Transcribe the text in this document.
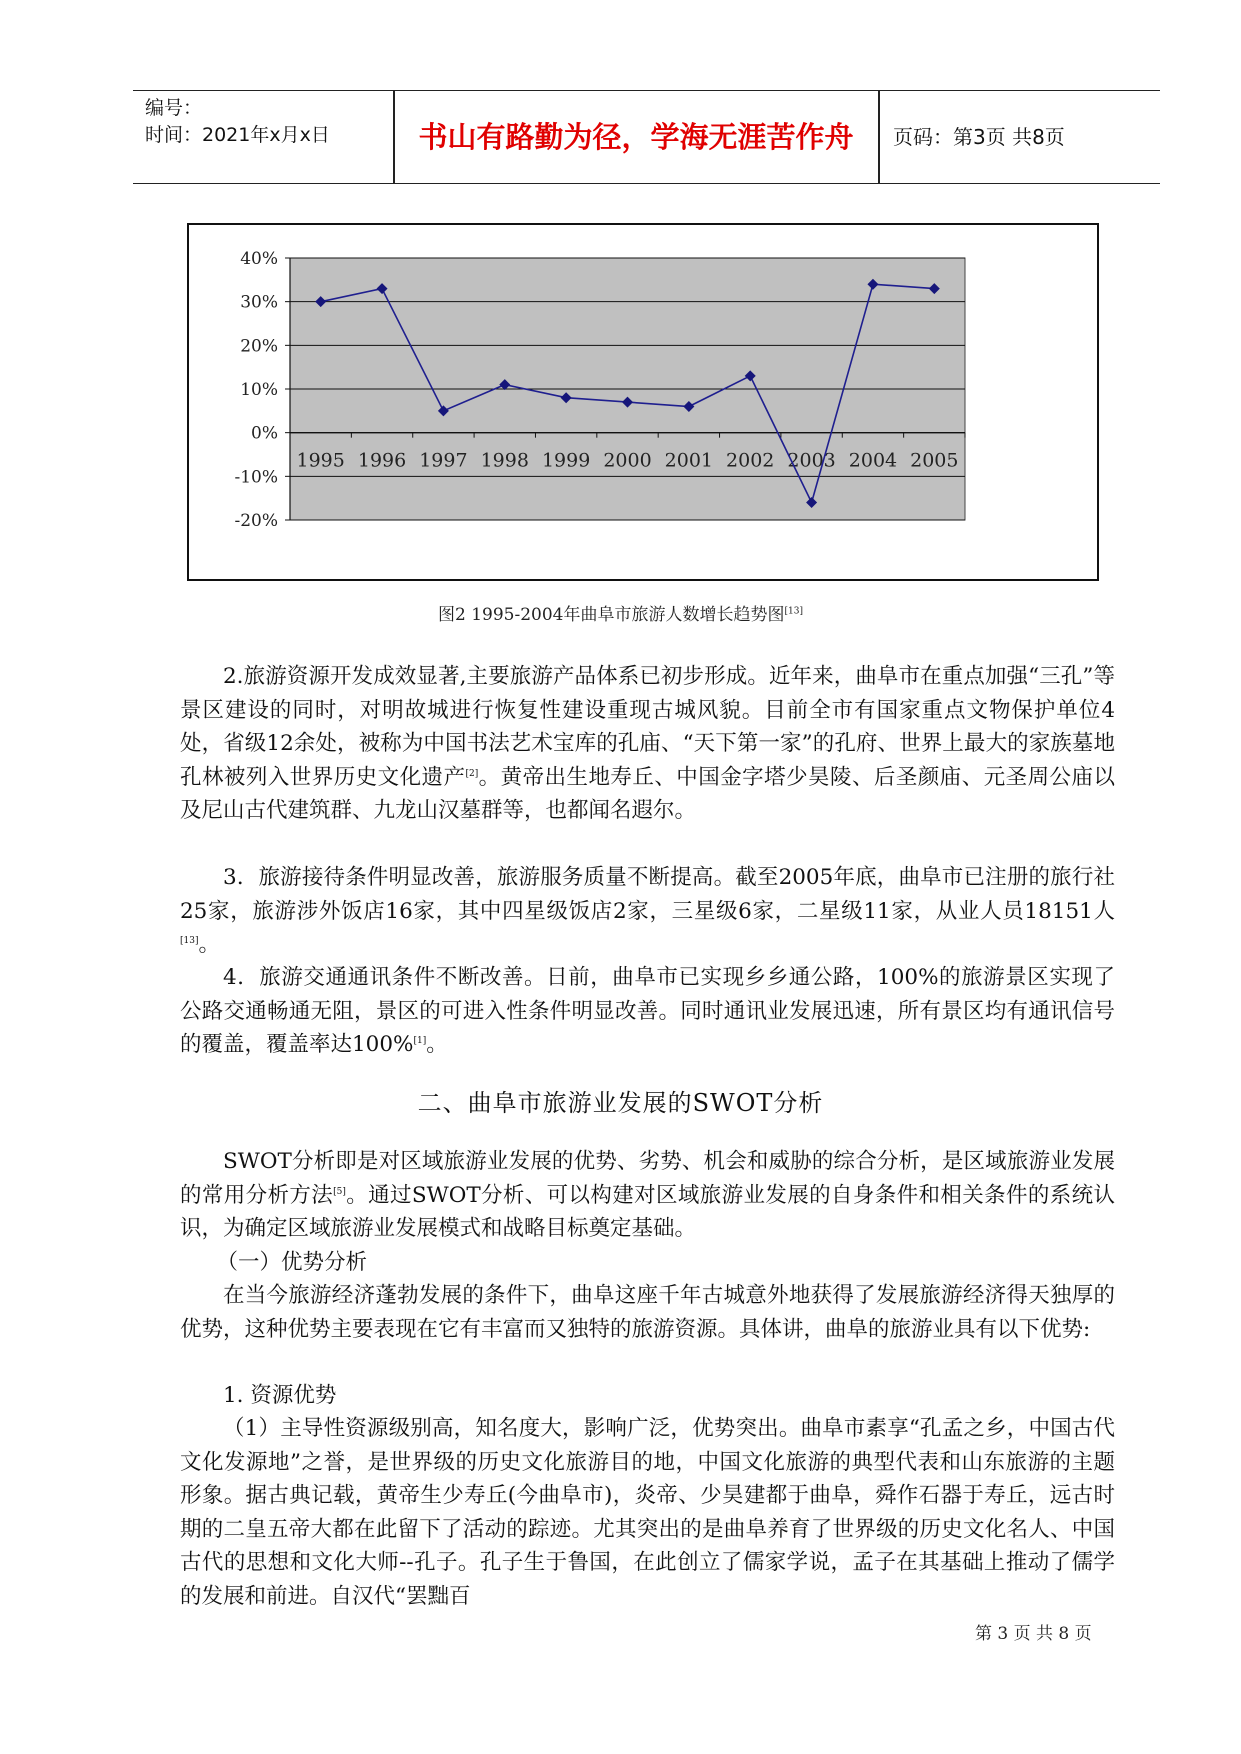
编号：
时间：2021年x月x日	书山有路勤为径，学海无涯苦作舟	页码：第3页 共8页
40%
30%
20%
10%
0%
-10%
-20%
1995 1996 1997 1998 1999 2000 2001 2002 2003 2004 2005
图2 1995-2004年曲阜市旅游人数增长趋势图[13]
2.旅游资源开发成效显著,主要旅游产品体系已初步形成。近年来，曲阜市在重点加强“三孔”等景区建设的同时，对明故城进行恢复性建设重现古城风貌。目前全市有国家重点文物保护单位4处，省级12余处，被称为中国书法艺术宝库的孔庙、“天下第一家”的孔府、世界上最大的家族墓地孔林被列入世界历史文化遗产[2]。黄帝出生地寿丘、中国金字塔少昊陵、后圣颜庙、元圣周公庙以及尼山古代建筑群、九龙山汉墓群等，也都闻名遐尔。
3．旅游接待条件明显改善，旅游服务质量不断提高。截至2005年底，曲阜市已注册的旅行社25家，旅游涉外饭店16家，其中四星级饭店2家，三星级6家，二星级11家，从业人员18151人[13]。
4．旅游交通通讯条件不断改善。日前，曲阜市已实现乡乡通公路，100%的旅游景区实现了公路交通畅通无阻，景区的可进入性条件明显改善。同时通讯业发展迅速，所有景区均有通讯信号的覆盖，覆盖率达100%[1]。
二、曲阜市旅游业发展的SWOT分析
SWOT分析即是对区域旅游业发展的优势、劣势、机会和威胁的综合分析，是区域旅游业发展的常用分析方法[5]。通过SWOT分析、可以构建对区域旅游业发展的自身条件和相关条件的系统认识，为确定区域旅游业发展模式和战略目标奠定基础。
（一）优势分析
在当今旅游经济蓬勃发展的条件下，曲阜这座千年古城意外地获得了发展旅游经济得天独厚的优势，这种优势主要表现在它有丰富而又独特的旅游资源。具体讲，曲阜的旅游业具有以下优势:
1. 资源优势
（1）主导性资源级别高，知名度大，影响广泛，优势突出。曲阜市素享“孔孟之乡，中国古代文化发源地”之誉，是世界级的历史文化旅游目的地，中国文化旅游的典型代表和山东旅游的主题形象。据古典记载，黄帝生少寿丘(今曲阜市)，炎帝、少昊建都于曲阜，舜作石器于寿丘，远古时期的二皇五帝大都在此留下了活动的踪迹。尤其突出的是曲阜养育了世界级的历史文化名人、中国古代的思想和文化大师--孔子。孔子生于鲁国，在此创立了儒家学说，孟子在其基础上推动了儒学的发展和前进。自汉代“罢黜百
第 3 页 共 8 页
